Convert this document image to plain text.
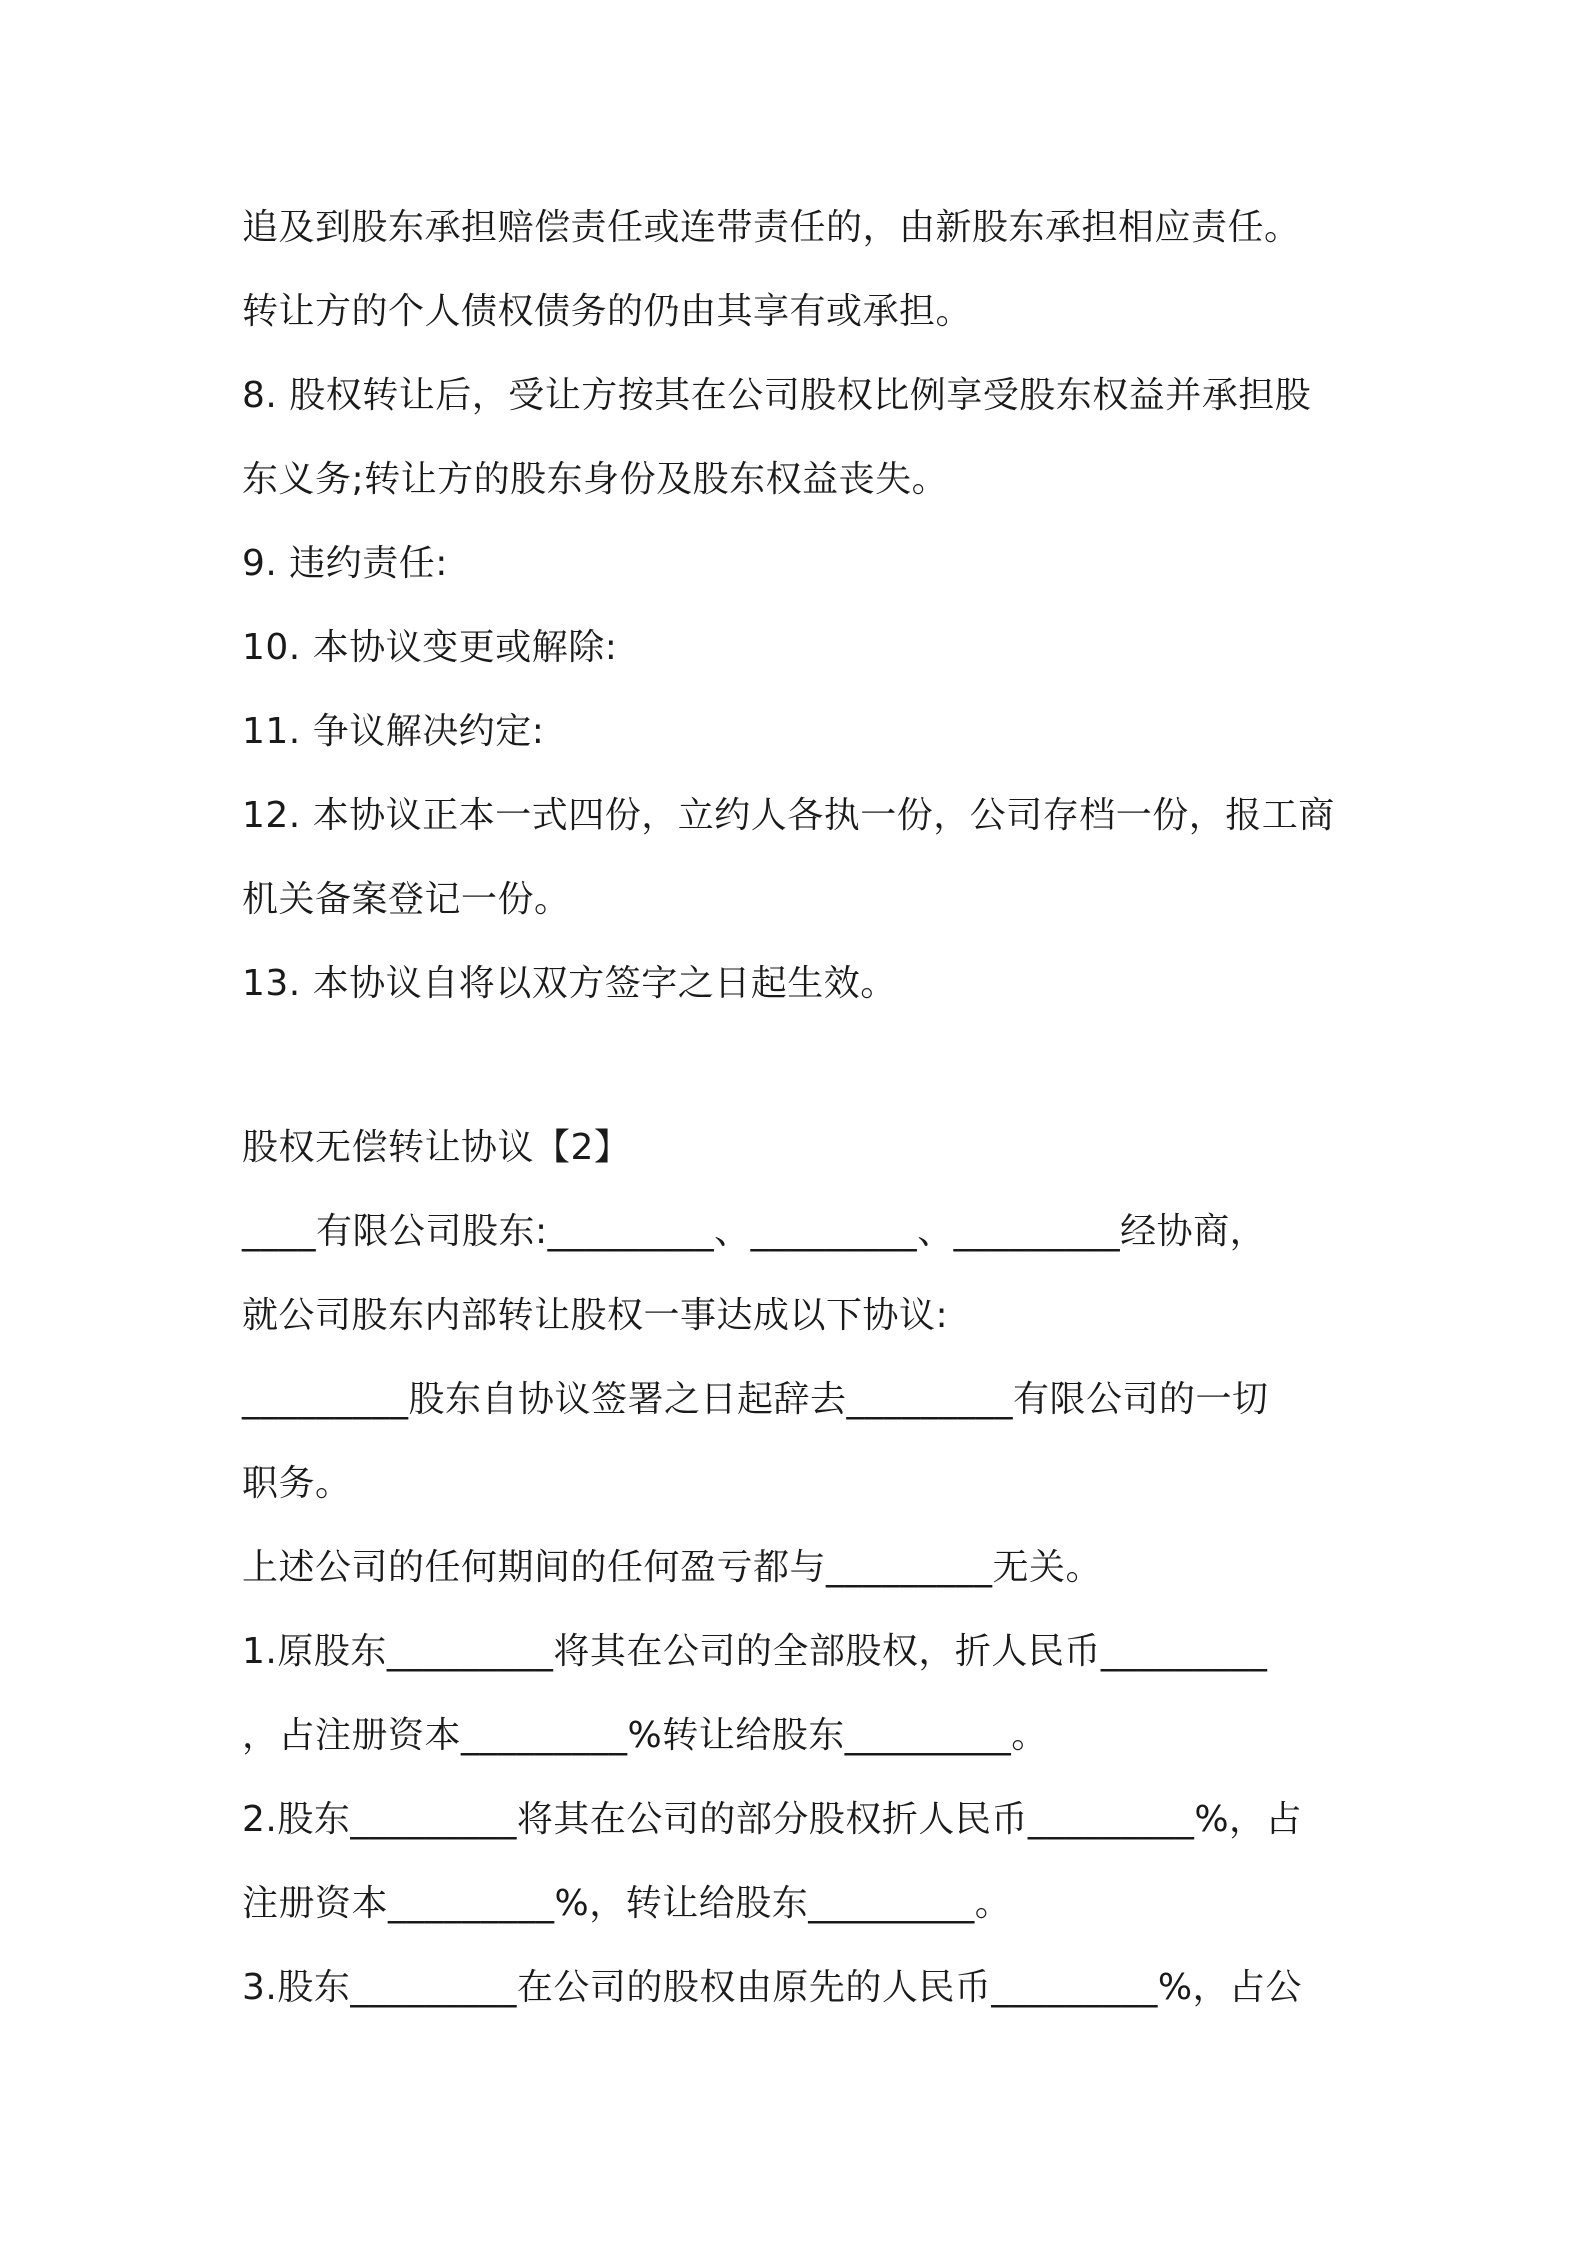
追及到股东承担赔偿责任或连带责任的，由新股东承担相应责任。
转让方的个人债权债务的仍由其享有或承担。
8. 股权转让后，受让方按其在公司股权比例享受股东权益并承担股
东义务;转让方的股东身份及股东权益丧失。
9. 违约责任:
10. 本协议变更或解除:
11. 争议解决约定:
12. 本协议正本一式四份，立约人各执一份，公司存档一份，报工商
机关备案登记一份。
13. 本协议自将以双方签字之日起生效。
股权无偿转让协议【2】
____有限公司股东:_________、_________、_________经协商，
就公司股东内部转让股权一事达成以下协议:
_________股东自协议签署之日起辞去_________有限公司的一切
职务。
上述公司的任何期间的任何盈亏都与_________无关。
1.原股东_________将其在公司的全部股权，折人民币_________
，占注册资本_________%转让给股东_________。
2.股东_________将其在公司的部分股权折人民币_________%，占
注册资本_________%，转让给股东_________。
3.股东_________在公司的股权由原先的人民币_________%，占公
